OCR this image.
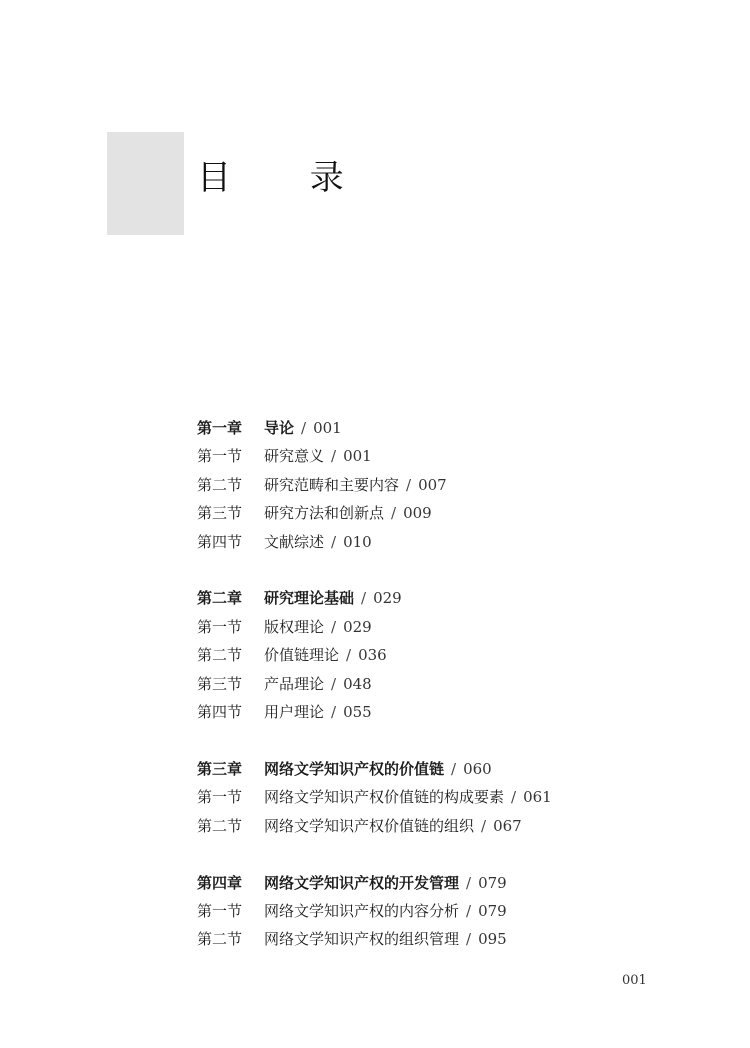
目 录
第一章	导论 / 001
第一节	研究意义 / 001
第二节	研究范畴和主要内容 / 007
第三节	研究方法和创新点 / 009
第四节	文献综述 / 010
第二章	研究理论基础 / 029
第一节	版权理论 / 029
第二节	价值链理论 / 036
第三节	产品理论 / 048
第四节	用户理论 / 055
第三章	网络文学知识产权的价值链 / 060
第一节	网络文学知识产权价值链的构成要素 / 061
第二节	网络文学知识产权价值链的组织 / 067
第四章	网络文学知识产权的开发管理 / 079
第一节	网络文学知识产权的内容分析 / 079
第二节	网络文学知识产权的组织管理 / 095
001
